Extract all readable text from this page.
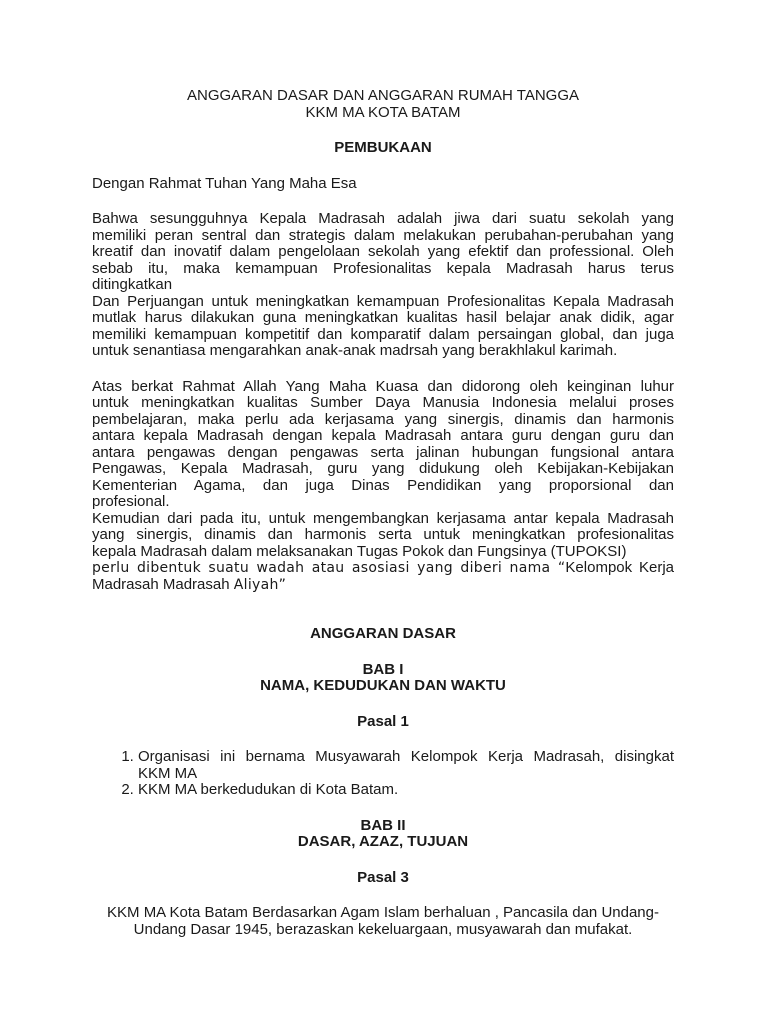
ANGGARAN DASAR DAN ANGGARAN RUMAH TANGGA

KKM MA KOTA BATAM

PEMBUKAAN

Dengan Rahmat Tuhan Yang Maha Esa

Bahwa sesungguhnya Kepala Madrasah adalah jiwa dari suatu sekolah yang

memiliki peran sentral dan strategis dalam melakukan perubahan-perubahan yang

kreatif dan inovatif dalam pengelolaan sekolah yang efektif dan professional. Oleh

sebab itu, maka kemampuan Profesionalitas kepala Madrasah harus terus

ditingkatkan

Dan Perjuangan untuk meningkatkan kemampuan Profesionalitas Kepala Madrasah

mutlak harus dilakukan guna meningkatkan kualitas hasil belajar anak didik, agar

memiliki kemampuan kompetitif dan komparatif dalam persaingan global, dan juga

untuk senantiasa mengarahkan anak-anak madrsah yang berakhlakul karimah.

Atas berkat Rahmat Allah Yang Maha Kuasa dan didorong oleh keinginan luhur

untuk meningkatkan kualitas Sumber Daya Manusia Indonesia melalui proses

pembelajaran, maka perlu ada kerjasama yang sinergis, dinamis dan harmonis

antara kepala Madrasah dengan kepala Madrasah antara guru dengan guru dan

antara pengawas dengan pengawas serta jalinan hubungan fungsional antara

Pengawas, Kepala Madrasah, guru yang didukung oleh Kebijakan-Kebijakan

Kementerian Agama, dan juga Dinas Pendidikan yang proporsional dan

profesional.

Kemudian dari pada itu, untuk mengembangkan kerjasama antar kepala Madrasah

yang sinergis, dinamis dan harmonis serta untuk meningkatkan profesionalitas

kepala Madrasah dalam melaksanakan Tugas Pokok dan Fungsinya (TUPOKSI)

perlu dibentuk suatu wadah atau asosiasi yang diberi nama “Kelompok Kerja

Madrasah Madrasah Aliyah”

ANGGARAN DASAR

BAB I

NAMA, KEDUDUKAN DAN WAKTU

Pasal 1

1. Organisasi ini bernama Musyawarah Kelompok Kerja Madrasah, disingkat
KKM MA
2. KKM MA berkedudukan di Kota Batam.

BAB II

DASAR, AZAZ, TUJUAN

Pasal 3

KKM MA Kota Batam Berdasarkan Agam Islam berhaluan , Pancasila dan Undang-

Undang Dasar 1945, berazaskan kekeluargaan, musyawarah dan mufakat.
